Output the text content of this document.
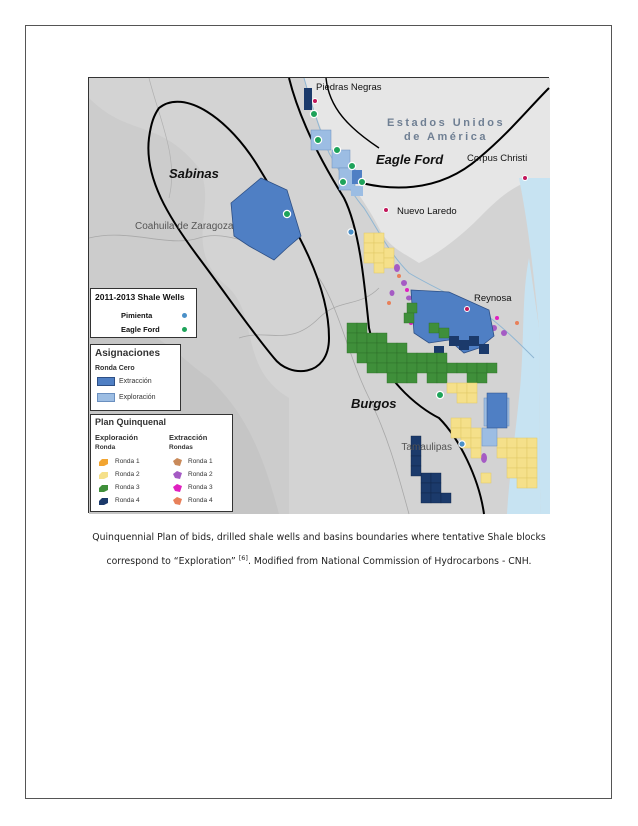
Estados Unidos
de América
Coahuila de Zaragoza
Tamaulipas
Piedras Negras
Nuevo Laredo
Corpus Christi
Reynosa
Sabinas
Eagle Ford
Burgos
2011-2013 Shale Wells
Pimienta
Eagle Ford
Asignaciones
Ronda Cero
Extracción
Exploración
Plan Quinquenal
Exploración
Ronda
Extracción
Rondas
Ronda 1
Ronda 2
Ronda 3
Ronda 4
Ronda 1
Ronda 2
Ronda 3
Ronda 4
Quinquennial Plan of bids, drilled shale wells and basins boundaries where tentative Shale blocks
correspond to “Exploration” [6]. Modified from National Commission of Hydrocarbons - CNH.
